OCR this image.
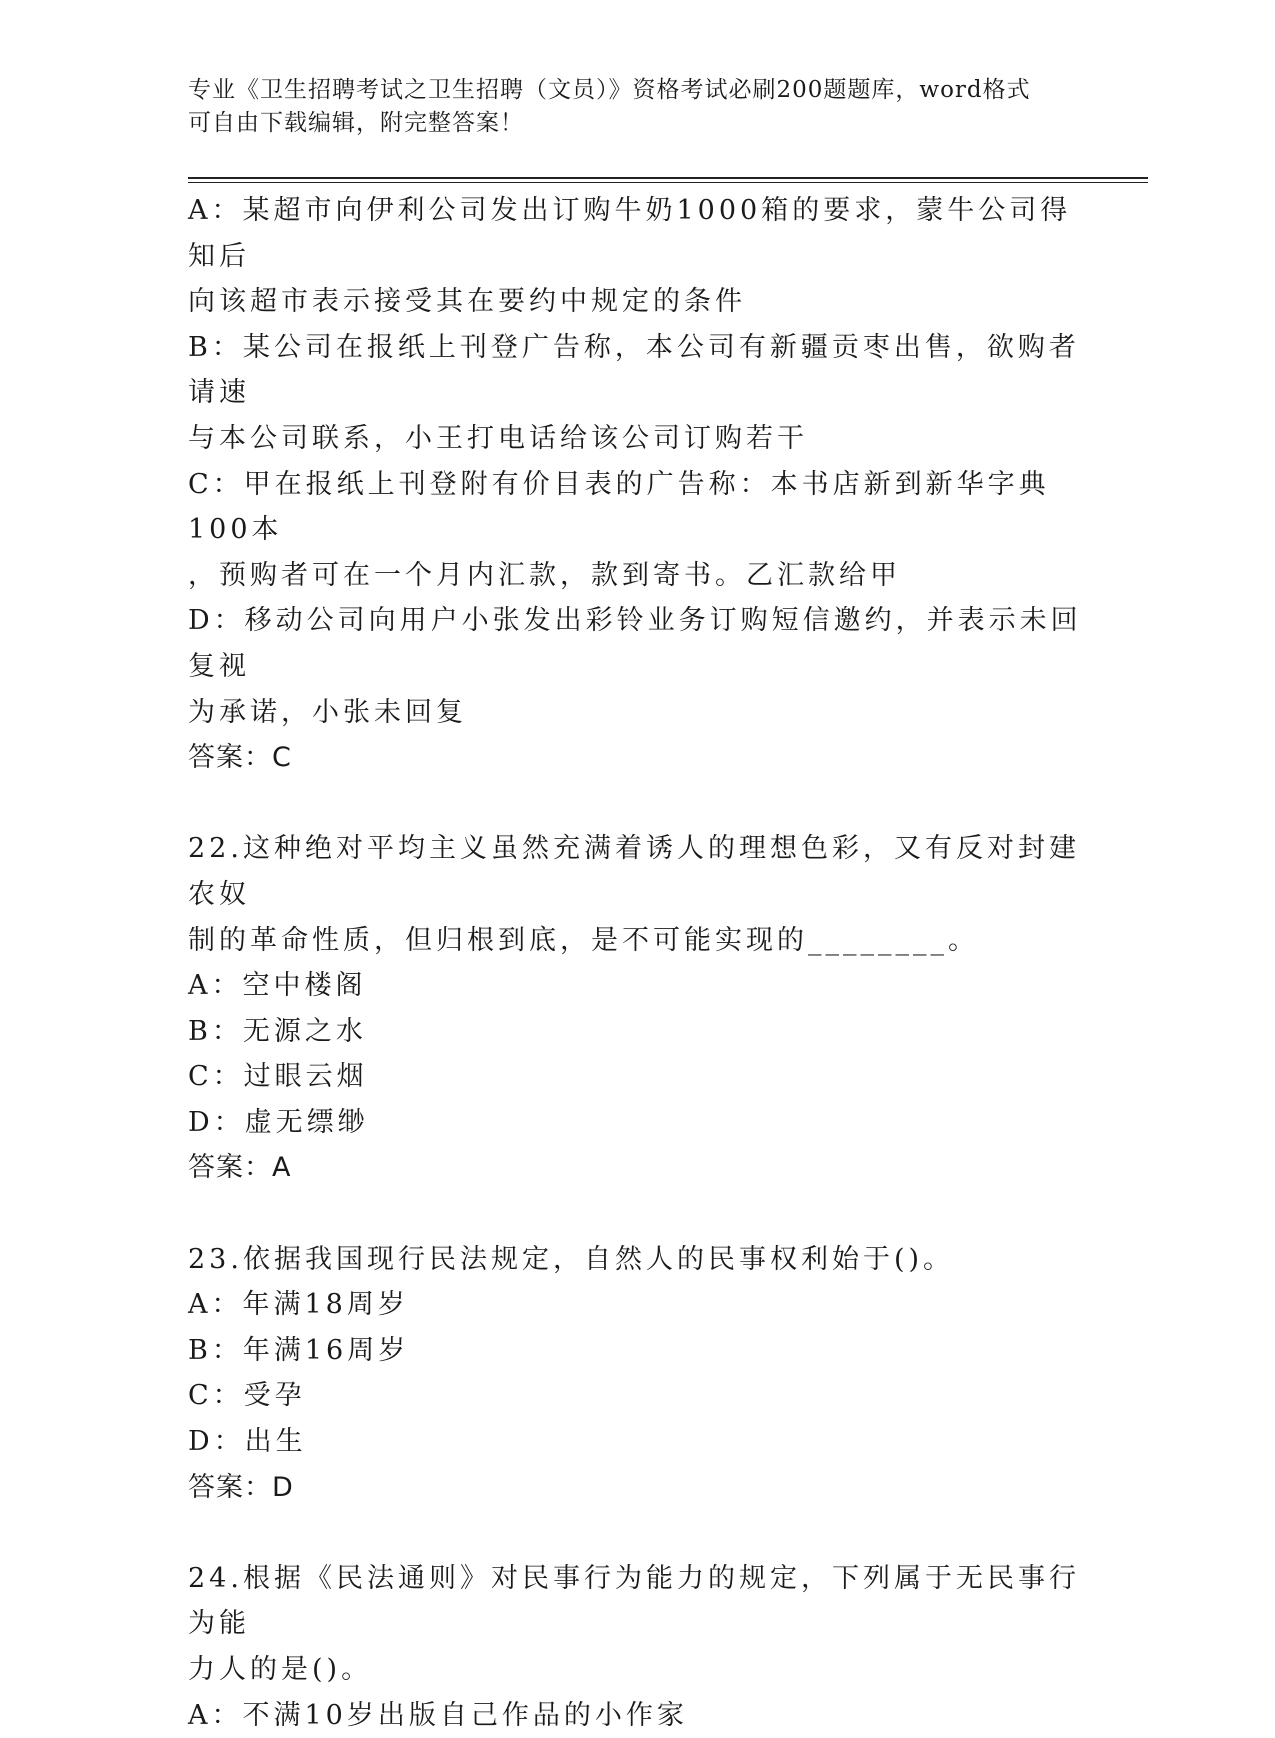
专业《卫生招聘考试之卫生招聘（文员）》资格考试必刷200题题库，word格式
可自由下载编辑，附完整答案！

A：某超市向伊利公司发出订购牛奶1000箱的要求，蒙牛公司得知后

向该超市表示接受其在要约中规定的条件

B：某公司在报纸上刊登广告称，本公司有新疆贡枣出售，欲购者请速

与本公司联系，小王打电话给该公司订购若干

C：甲在报纸上刊登附有价目表的广告称：本书店新到新华字典100本

，预购者可在一个月内汇款，款到寄书。乙汇款给甲

D：移动公司向用户小张发出彩铃业务订购短信邀约，并表示未回复视

为承诺，小张未回复

答案：C

22.这种绝对平均主义虽然充满着诱人的理想色彩，又有反对封建农奴

制的革命性质，但归根到底，是不可能实现的________。

A：空中楼阁

B：无源之水

C：过眼云烟

D：虚无缥缈

答案：A

23.依据我国现行民法规定，自然人的民事权利始于()。

A：年满18周岁

B：年满16周岁

C：受孕

D：出生

答案：D

24.根据《民法通则》对民事行为能力的规定，下列属于无民事行为能

力人的是()。

A：不满10岁出版自己作品的小作家
